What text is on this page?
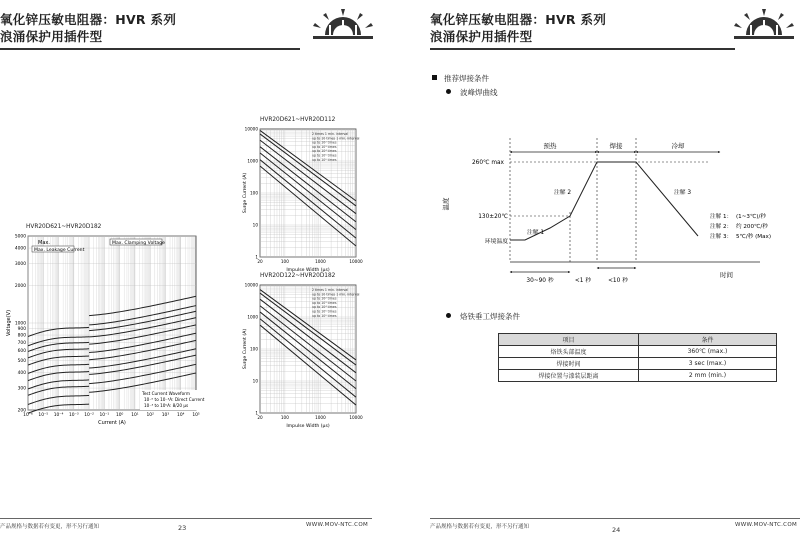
氧化锌压敏电阻器：HVR 系列
浪涌保护用插件型
HVR20D621~HVR20D182
Max.
Max. Leakage Current
Max. Clamping Voltage
Test Current Waveform
10⁻⁶ to 10⁻³A: Direct Current
10⁻³ to 10⁵A: 8/20 μs
5000
4000
3000
2000
1000
900
800
700
600
500
400
300
200
10⁻⁶ 10⁻⁵ 10⁻⁴ 10⁻³ 10⁻² 10⁻¹ 10⁰ 10¹ 10² 10³ 10⁴ 10⁵
Voltage(V)
Current (A)
HVR20D621~HVR20D112
2 times 1 min. interval
up to 10 times 1 min. interval
up to 10² times
up to 10³ times
up to 10⁴ times
up to 10⁵ times
up to 10⁶ times
10000
1000
100
10
1
20	100	1000	10000
Surge Current (A)
Impulse Width (μs)
HVR20D122~HVR20D182
2 times 1 min. interval
up to 10 times 1 min. interval
up to 10² times
up to 10³ times
up to 10⁴ times
up to 10⁵ times
up to 10⁶ times
10000
1000
100
10
1
20	100	1000	10000
Surge Current (A)
Impulse Width (μs)
产品规格与数据若有变更，形不另行通知	23	WWW.MOV-NTC.COM
氧化锌压敏电阻器：HVR 系列
浪涌保护用插件型
推荐焊接条件
波峰焊曲线
预热	焊接	冷却
260℃ max
130±20℃
环境温度
温度
时间
注解 1
注解 2	注解 3
30~90 秒	<1 秒	<10 秒
注解 1： (1~3℃)/秒
注解 2： 约 200℃/秒
注解 3： 5℃/秒 (Max)
烙铁垂工焊接条件
项目	条件
烙铁头部温度	360℃ (max.)
焊接时间	3 sec (max.)
焊接位置与漆装层距离	2 mm (min.)
产品规格与数据若有变更，形不另行通知	24
WWW.MOV-NTC.COM
